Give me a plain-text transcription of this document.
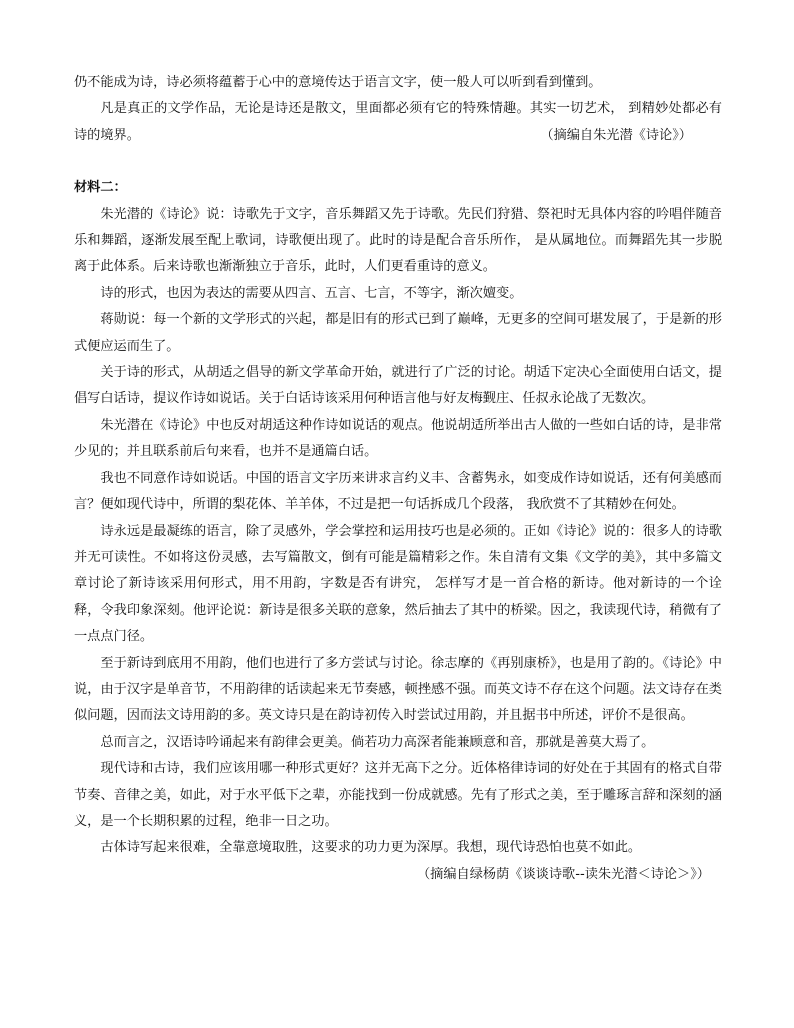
仍不能成为诗，诗必须将蕴蓄于心中的意境传达于语言文字，使一般人可以听到看到懂到。

凡是真正的文学作品，无论是诗还是散文，里面都必须有它的特殊情趣。其实一切艺术， 到精妙处都必有诗的境界。	（摘编自朱光潜《诗论》）

材料二：

朱光潜的《诗论》说：诗歌先于文字，音乐舞蹈又先于诗歌。先民们狩猎、祭祀时无具体内容的吟唱伴随音乐和舞蹈，逐渐发展至配上歌词，诗歌便出现了。此时的诗是配合音乐所作， 是从属地位。而舞蹈先其一步脱离于此体系。后来诗歌也渐渐独立于音乐，此时，人们更看重诗的意义。

诗的形式，也因为表达的需要从四言、五言、七言，不等字，渐次嬗变。

蒋勋说：每一个新的文学形式的兴起，都是旧有的形式已到了巅峰，无更多的空间可堪发展了，于是新的形式便应运而生了。

关于诗的形式，从胡适之倡导的新文学革命开始，就进行了广泛的讨论。胡适下定决心全面使用白话文，提倡写白话诗，提议作诗如说话。关于白话诗该采用何种语言他与好友梅觐庄、任叔永论战了无数次。

朱光潜在《诗论》中也反对胡适这种作诗如说话的观点。他说胡适所举出古人做的一些如白话的诗，是非常少见的；并且联系前后句来看，也并不是通篇白话。

我也不同意作诗如说话。中国的语言文字历来讲求言约义丰、含蓄隽永，如变成作诗如说话，还有何美感而言？便如现代诗中，所谓的梨花体、羊羊体，不过是把一句话拆成几个段落， 我欣赏不了其精妙在何处。

诗永远是最凝练的语言，除了灵感外，学会掌控和运用技巧也是必须的。正如《诗论》说的：很多人的诗歌并无可读性。不如将这份灵感，去写篇散文，倒有可能是篇精彩之作。朱自清有文集《文学的美》，其中多篇文章讨论了新诗该采用何形式，用不用韵，字数是否有讲究， 怎样写才是一首合格的新诗。他对新诗的一个诠释，令我印象深刻。他评论说：新诗是很多关联的意象，然后抽去了其中的桥梁。因之，我读现代诗，稍微有了一点点门径。

至于新诗到底用不用韵，他们也进行了多方尝试与讨论。徐志摩的《再别康桥》，也是用了韵的。《诗论》中说，由于汉字是单音节，不用韵律的话读起来无节奏感，顿挫感不强。而英文诗不存在这个问题。法文诗存在类似问题，因而法文诗用韵的多。英文诗只是在韵诗初传入时尝试过用韵，并且据书中所述，评价不是很高。

总而言之，汉语诗吟诵起来有韵律会更美。倘若功力高深者能兼顾意和音，那就是善莫大焉了。

现代诗和古诗，我们应该用哪一种形式更好？这并无高下之分。近体格律诗词的好处在于其固有的格式自带节奏、音律之美，如此，对于水平低下之辈，亦能找到一份成就感。先有了形式之美，至于雕琢言辞和深刻的涵义，是一个长期积累的过程，绝非一日之功。

古体诗写起来很难，全靠意境取胜，这要求的功力更为深厚。我想，现代诗恐怕也莫不如此。

（摘编自绿杨荫《谈谈诗歌--读朱光潜＜诗论＞》）
